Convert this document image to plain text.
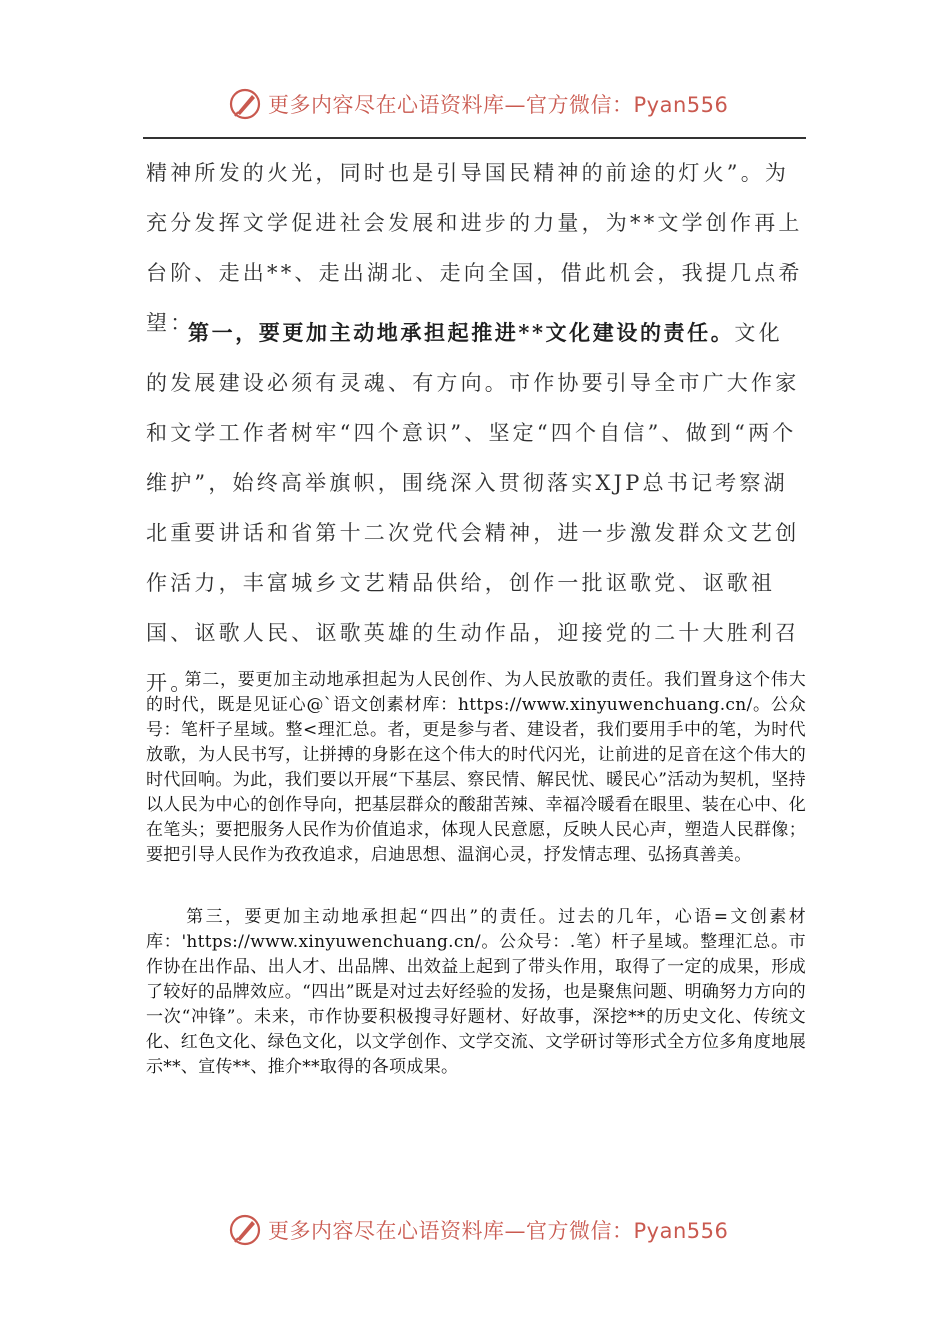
更多内容尽在心语资料库—官方微信：Pyan556

精神所发的火光，同时也是引导国民精神的前途的灯火”。为充分发挥文学促进社会发展和进步的力量，为**文学创作再上台阶、走出**、走出湖北、走向全国，借此机会，我提几点希望：

第一，要更加主动地承担起推进**文化建设的责任。文化的发展建设必须有灵魂、有方向。市作协要引导全市广大作家和文学工作者树牢“四个意识”、坚定“四个自信”、做到“两个维护”，始终高举旗帜，围绕深入贯彻落实XJP总书记考察湖北重要讲话和省第十二次党代会精神，进一步激发群众文艺创作活力，丰富城乡文艺精品供给，创作一批讴歌党、讴歌祖国、讴歌人民、讴歌英雄的生动作品，迎接党的二十大胜利召开。

第二，要更加主动地承担起为人民创作、为人民放歌的责任。我们置身这个伟大的时代，既是见证心@`语文创素材库：https://www.xinyuwenchuang.cn/。公众号：笔杆子星域。整<理汇总。者，更是参与者、建设者，我们要用手中的笔，为时代放歌，为人民书写，让拼搏的身影在这个伟大的时代闪光，让前进的足音在这个伟大的时代回响。为此，我们要以开展“下基层、察民情、解民忧、暖民心”活动为契机，坚持以人民为中心的创作导向，把基层群众的酸甜苦辣、幸福冷暖看在眼里、装在心中、化在笔头；要把服务人民作为价值追求，体现人民意愿，反映人民心声，塑造人民群像；要把引导人民作为孜孜追求，启迪思想、温润心灵，抒发情志理、弘扬真善美。

第三，要更加主动地承担起“四出”的责任。过去的几年，心语=文创素材库：'https://www.xinyuwenchuang.cn/。公众号：.笔）杆子星域。整理汇总。市作协在出作品、出人才、出品牌、出效益上起到了带头作用，取得了一定的成果，形成了较好的品牌效应。“四出”既是对过去好经验的发扬，也是聚焦问题、明确努力方向的一次“冲锋”。未来，市作协要积极搜寻好题材、好故事，深挖**的历史文化、传统文化、红色文化、绿色文化，以文学创作、文学交流、文学研讨等形式全方位多角度地展示**、宣传**、推介**取得的各项成果。

更多内容尽在心语资料库—官方微信：Pyan556
